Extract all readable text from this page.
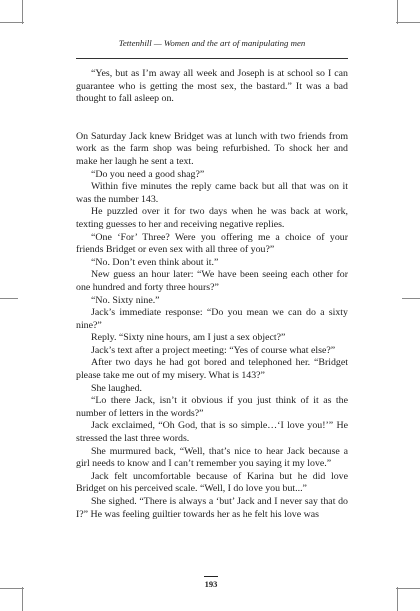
Tettenhill — Women and the art of manipulating men

“Yes, but as I’m away all week and Joseph is at school so I can guarantee who is getting the most sex, the bastard.” It was a bad thought to fall asleep on.

On Saturday Jack knew Bridget was at lunch with two friends from work as the farm shop was being refurbished. To shock her and make her laugh he sent a text.

“Do you need a good shag?”

Within five minutes the reply came back but all that was on it was the number 143.

He puzzled over it for two days when he was back at work, texting guesses to her and receiving negative replies.

“One ‘For’ Three? Were you offering me a choice of your friends Bridget or even sex with all three of you?”

“No. Don’t even think about it.”

New guess an hour later: “We have been seeing each other for one hundred and forty three hours?”

“No. Sixty nine.”

Jack’s immediate response: “Do you mean we can do a sixty nine?”

Reply. “Sixty nine hours, am I just a sex object?”

Jack’s text after a project meeting: “Yes of course what else?”

After two days he had got bored and telephoned her. “Bridget please take me out of my misery. What is 143?”

She laughed.

“Lo there Jack, isn’t it obvious if you just think of it as the number of letters in the words?”

Jack exclaimed, “Oh God, that is so simple…‘I love you!’” He stressed the last three words.

She murmured back, “Well, that’s nice to hear Jack because a girl needs to know and I can’t remember you saying it my love.”

Jack felt uncomfortable because of Karina but he did love Bridget on his perceived scale. “Well, I do love you but...”

She sighed. “There is always a ‘but’ Jack and I never say that do I?” He was feeling guiltier towards her as he felt his love was

193
